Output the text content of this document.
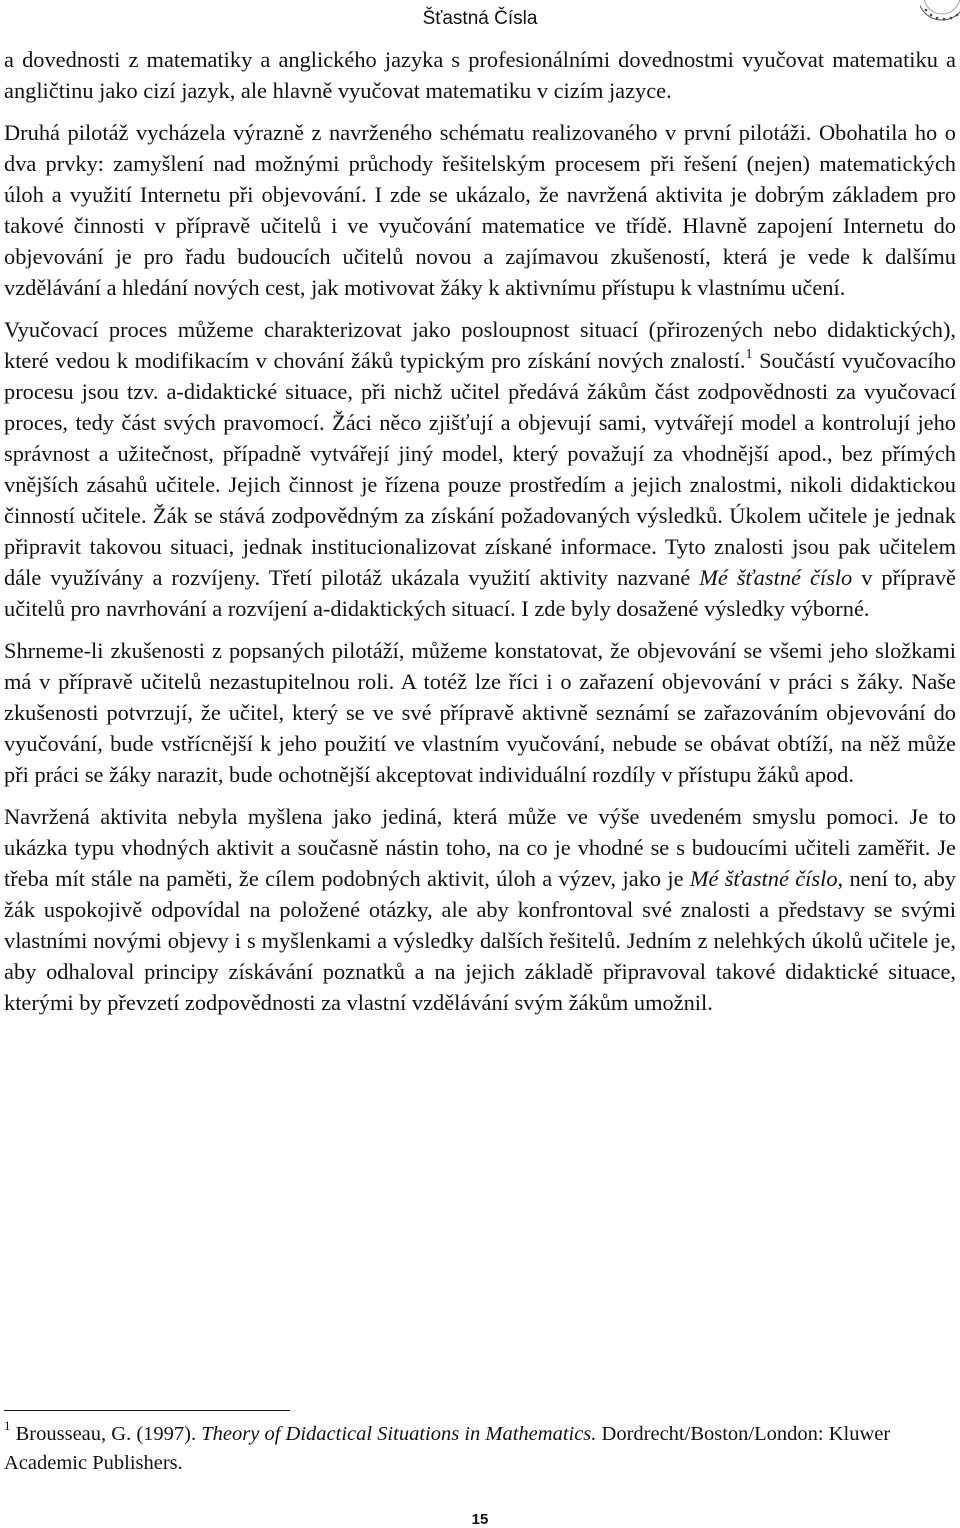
Šťastná Čísla

a dovednosti z matematiky a anglického jazyka s profesionálními dovednostmi vyučovat matematiku a angličtinu jako cizí jazyk, ale hlavně vyučovat matematiku v cizím jazyce.

Druhá pilotáž vycházela výrazně z navrženého schématu realizovaného v první pilotáži. Obohatila ho o dva prvky: zamyšlení nad možnými průchody řešitelským procesem při řešení (nejen) matematických úloh a využití Internetu při objevování. I zde se ukázalo, že navržená aktivita je dobrým základem pro takové činnosti v přípravě učitelů i ve vyučování matematice ve třídě. Hlavně zapojení Internetu do objevování je pro řadu budoucích učitelů novou a zajímavou zkušeností, která je vede k dalšímu vzdělávání a hledání nových cest, jak motivovat žáky k aktivnímu přístupu k vlastnímu učení.

Vyučovací proces můžeme charakterizovat jako posloupnost situací (přirozených nebo didaktických), které vedou k modifikacím v chování žáků typickým pro získání nových znalostí.$^1$ Součástí vyučovacího procesu jsou tzv. a-didaktické situace, při nichž učitel předává žákům část zodpovědnosti za vyučovací proces, tedy část svých pravomocí. Žáci něco zjišťují a objevují sami, vytvářejí model a kontrolují jeho správnost a užitečnost, případně vytvářejí jiný model, který považují za vhodnější apod., bez přímých vnějších zásahů učitele. Jejich činnost je řízena pouze prostředím a jejich znalostmi, nikoli didaktickou činností učitele. Žák se stává zodpovědným za získání požadovaných výsledků. Úkolem učitele je jednak připravit takovou situaci, jednak institucionalizovat získané informace. Tyto znalosti jsou pak učitelem dále využívány a rozvíjeny. Třetí pilotáž ukázala využití aktivity nazvané Mé šťastné číslo v přípravě učitelů pro navrhování a rozvíjení a-didaktických situací. I zde byly dosažené výsledky výborné.

Shrneme-li zkušenosti z popsaných pilotáží, můžeme konstatovat, že objevování se všemi jeho složkami má v přípravě učitelů nezastupitelnou roli. A totéž lze říci i o zařazení objevování v práci s žáky. Naše zkušenosti potvrzují, že učitel, který se ve své přípravě aktivně seznámí se zařazováním objevování do vyučování, bude vstřícnější k jeho použití ve vlastním vyučování, nebude se obávat obtíží, na něž může při práci se žáky narazit, bude ochotnější akceptovat individuální rozdíly v přístupu žáků apod.

Navržená aktivita nebyla myšlena jako jediná, která může ve výše uvedeném smyslu pomoci. Je to ukázka typu vhodných aktivit a současně nástin toho, na co je vhodné se s budoucími učiteli zaměřit. Je třeba mít stále na paměti, že cílem podobných aktivit, úloh a výzev, jako je Mé šťastné číslo, není to, aby žák uspokojivě odpovídal na položené otázky, ale aby konfrontoval své znalosti a představy se svými vlastními novými objevy i s myšlenkami a výsledky dalších řešitelů. Jedním z nelehkých úkolů učitele je, aby odhaloval principy získávání poznatků a na jejich základě připravoval takové didaktické situace, kterými by převzetí zodpovědnosti za vlastní vzdělávání svým žákům umožnil.

$^1$ Brousseau, G. (1997). Theory of Didactical Situations in Mathematics. Dordrecht/Boston/London: Kluwer Academic Publishers.
15
